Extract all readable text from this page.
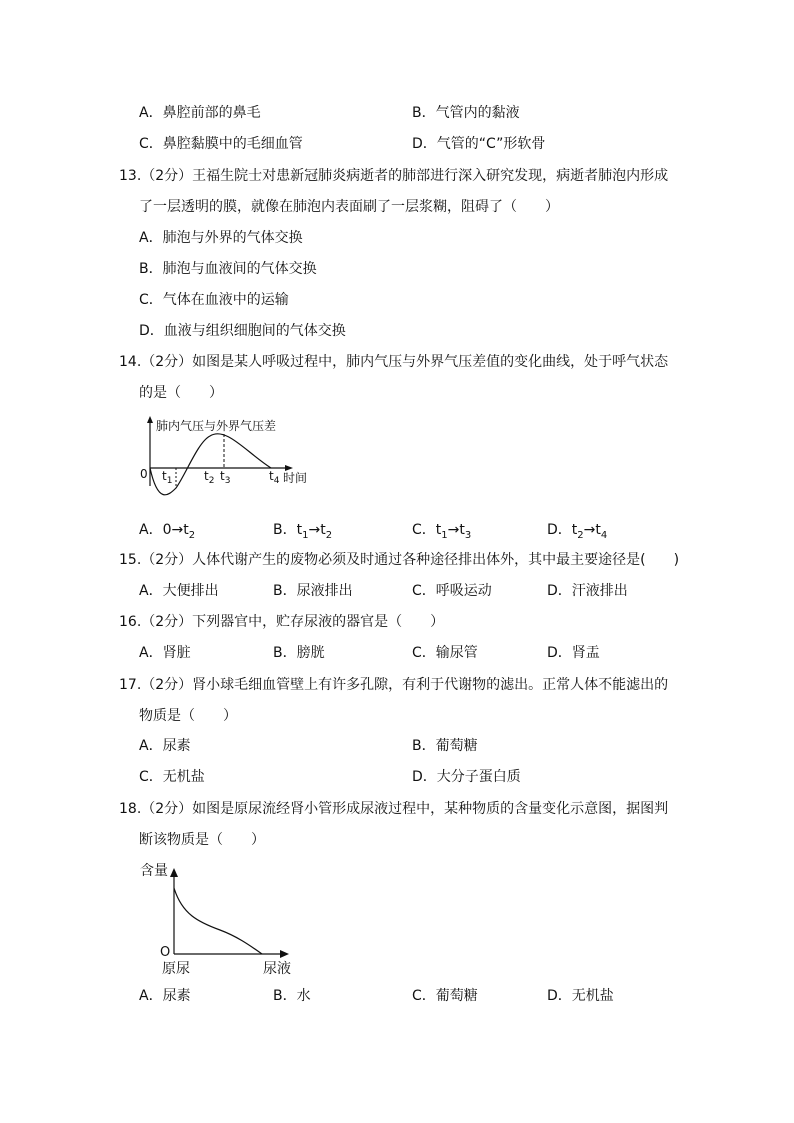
A．鼻腔前部的鼻毛	B．气管内的黏液
C．鼻腔黏膜中的毛细血管	D．气管的“C”形软骨
13.（2分）王福生院士对患新冠肺炎病逝者的肺部进行深入研究发现，病逝者肺泡内形成
了一层透明的膜，就像在肺泡内表面刷了一层浆糊，阻碍了（　　）
A．肺泡与外界的气体交换
B．肺泡与血液间的气体交换
C．气体在血液中的运输
D．血液与组织细胞间的气体交换
14.（2分）如图是某人呼吸过程中，肺内气压与外界气压差值的变化曲线，处于呼气状态
的是（　　）
肺内气压与外界气压差
0 $t_1$	$t_2$ $t_3$	$t_4$ 时间
A．$0\to t_2$	B．$t_1\to t_2$	C．$t_1\to t_3$	D．$t_2\to t_4$
15.（2分）人体代谢产生的废物必须及时通过各种途径排出体外，其中最主要途径是(　　)
A．大便排出	B．尿液排出	C．呼吸运动	D．汗液排出
16.（2分）下列器官中，贮存尿液的器官是（　　）
A．肾脏	B．膀胱	C．输尿管	D．肾盂
17.（2分）肾小球毛细血管壁上有许多孔隙，有利于代谢物的滤出。正常人体不能滤出的
物质是（　　）
A．尿素	B．葡萄糖
C．无机盐	D．大分子蛋白质
18.（2分）如图是原尿流经肾小管形成尿液过程中，某种物质的含量变化示意图，据图判
断该物质是（　　）
含量
O
原尿	尿液
A．尿素	B．水	C．葡萄糖	D．无机盐
